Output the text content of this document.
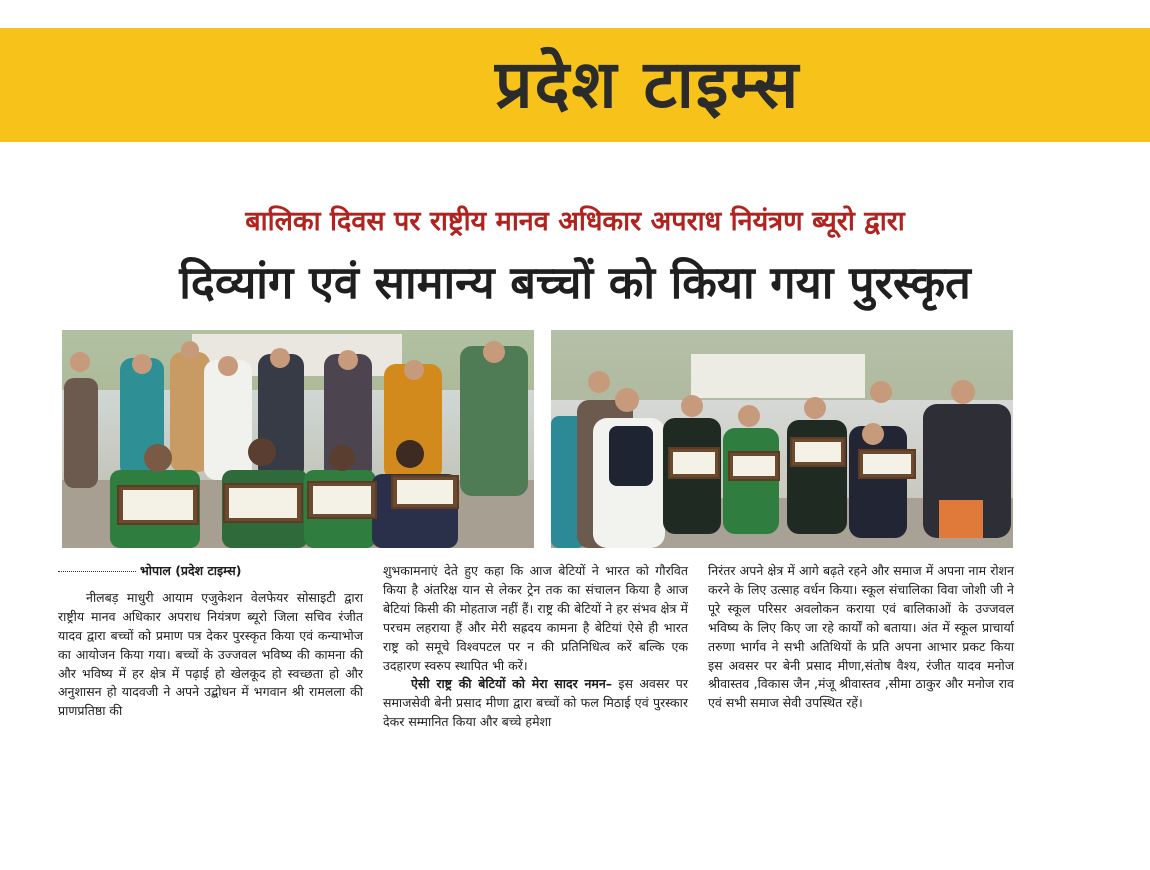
प्रदेश टाइम्स
बालिका दिवस पर राष्ट्रीय मानव अधिकार अपराध नियंत्रण ब्यूरो द्वारा
दिव्यांग एवं सामान्य बच्चों को किया गया पुरस्कृत
भोपाल (प्रदेश टाइम्स)

नीलबड़ माधुरी आयाम एजुकेशन वेलफेयर सोसाइटी द्वारा राष्ट्रीय मानव अधिकार अपराध नियंत्रण ब्यूरो जिला सचिव रंजीत यादव द्वारा बच्चों को प्रमाण पत्र देकर पुरस्कृत किया एवं कन्याभोज का आयोजन किया गया। बच्चों के उज्जवल भविष्य की कामना की और भविष्य में हर क्षेत्र में पढ़ाई हो खेलकूद हो स्वच्छता हो और अनुशासन हो यादवजी ने अपने उद्बोधन में भगवान श्री रामलला की प्राणप्रतिष्ठा की

शुभकामनाएं देते हुए कहा कि आज बेटियों ने भारत को गौरवित किया है अंतरिक्ष यान से लेकर ट्रेन तक का संचालन किया है आज बेटियां किसी की मोहताज नहीं हैं। राष्ट्र की बेटियों ने हर संभव क्षेत्र में परचम लहराया हैं और मेरी सह्रदय कामना है बेटियां ऐसे ही भारत राष्ट्र को समूचे विश्वपटल पर न की प्रतिनिधित्व करें बल्कि एक उदहारण स्वरुप स्थापित भी करें।

ऐसी राष्ट्र की बेटियों को मेरा सादर नमन– इस अवसर पर समाजसेवी बेनी प्रसाद मीणा द्वारा बच्चों को फल मिठाई एवं पुरस्कार देकर सम्मानित किया और बच्चे हमेशा

निरंतर अपने क्षेत्र में आगे बढ़ते रहने और समाज में अपना नाम रोशन करने के लिए उत्साह वर्धन किया। स्कूल संचालिका विवा जोशी जी ने पूरे स्कूल परिसर अवलोकन कराया एवं बालिकाओं के उज्जवल भविष्य के लिए किए जा रहे कार्यों को बताया। अंत में स्कूल प्राचार्या तरुणा भार्गव ने सभी अतिथियों के प्रति अपना आभार प्रकट किया इस अवसर पर बेनी प्रसाद मीणा,संतोष वैश्य, रंजीत यादव मनोज श्रीवास्तव ,विकास जैन ,मंजू श्रीवास्तव ,सीमा ठाकुर और मनोज राव एवं सभी समाज सेवी उपस्थित रहें।
